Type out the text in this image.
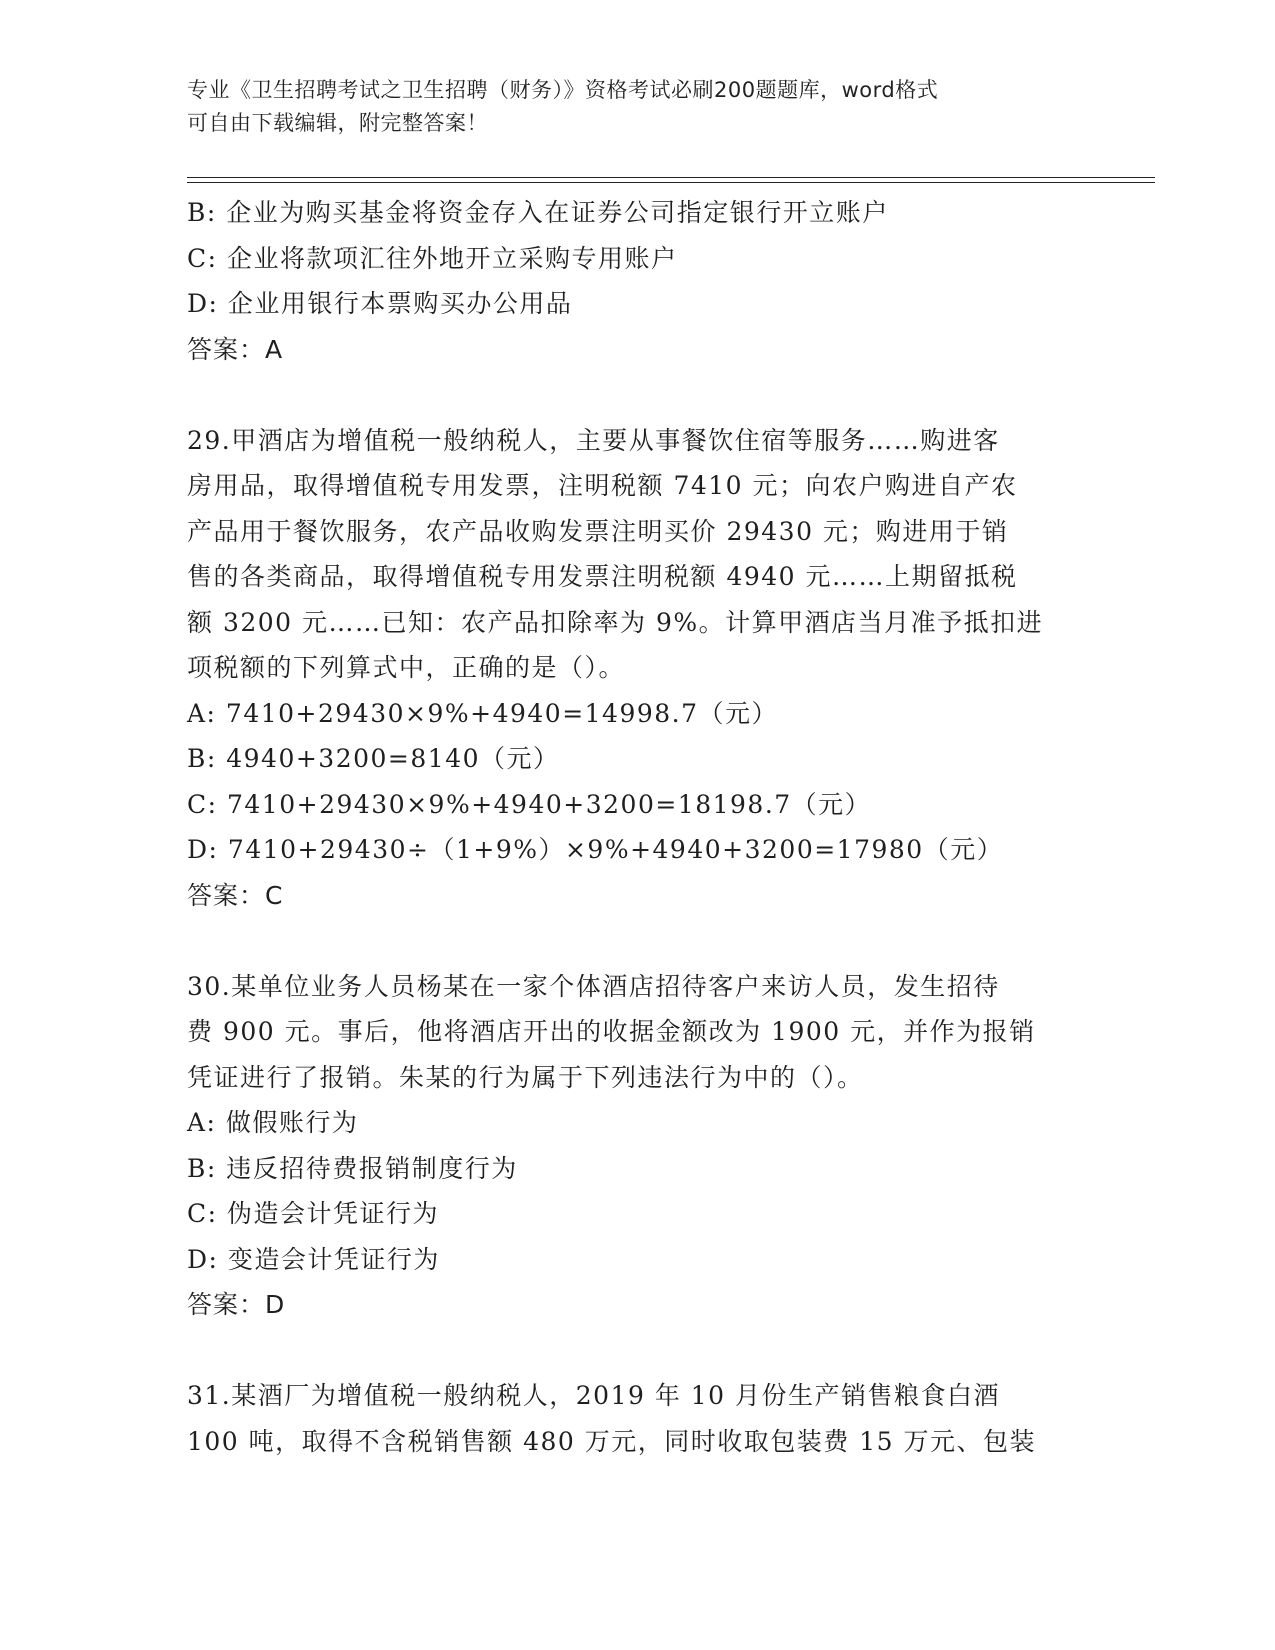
专业《卫生招聘考试之卫生招聘（财务）》资格考试必刷200题题库，word格式
可自由下载编辑，附完整答案！
B: 企业为购买基金将资金存入在证券公司指定银行开立账户
C: 企业将款项汇往外地开立采购专用账户
D: 企业用银行本票购买办公用品
答案：A
29.甲酒店为增值税一般纳税人，主要从事餐饮住宿等服务……购进客
房用品，取得增值税专用发票，注明税额 7410 元；向农户购进自产农
产品用于餐饮服务，农产品收购发票注明买价 29430 元；购进用于销
售的各类商品，取得增值税专用发票注明税额 4940 元……上期留抵税
额 3200 元……已知：农产品扣除率为 9%。计算甲酒店当月准予抵扣进
项税额的下列算式中，正确的是（）。
A: 7410+29430×9%+4940=14998.7（元）
B: 4940+3200=8140（元）
C: 7410+29430×9%+4940+3200=18198.7（元）
D: 7410+29430÷（1+9%）×9%+4940+3200=17980（元）
答案：C
30.某单位业务人员杨某在一家个体酒店招待客户来访人员，发生招待
费 900 元。事后，他将酒店开出的收据金额改为 1900 元，并作为报销
凭证进行了报销。朱某的行为属于下列违法行为中的（）。
A: 做假账行为
B: 违反招待费报销制度行为
C: 伪造会计凭证行为
D: 变造会计凭证行为
答案：D
31.某酒厂为增值税一般纳税人，2019 年 10 月份生产销售粮食白酒
100 吨，取得不含税销售额 480 万元，同时收取包装费 15 万元、包装
